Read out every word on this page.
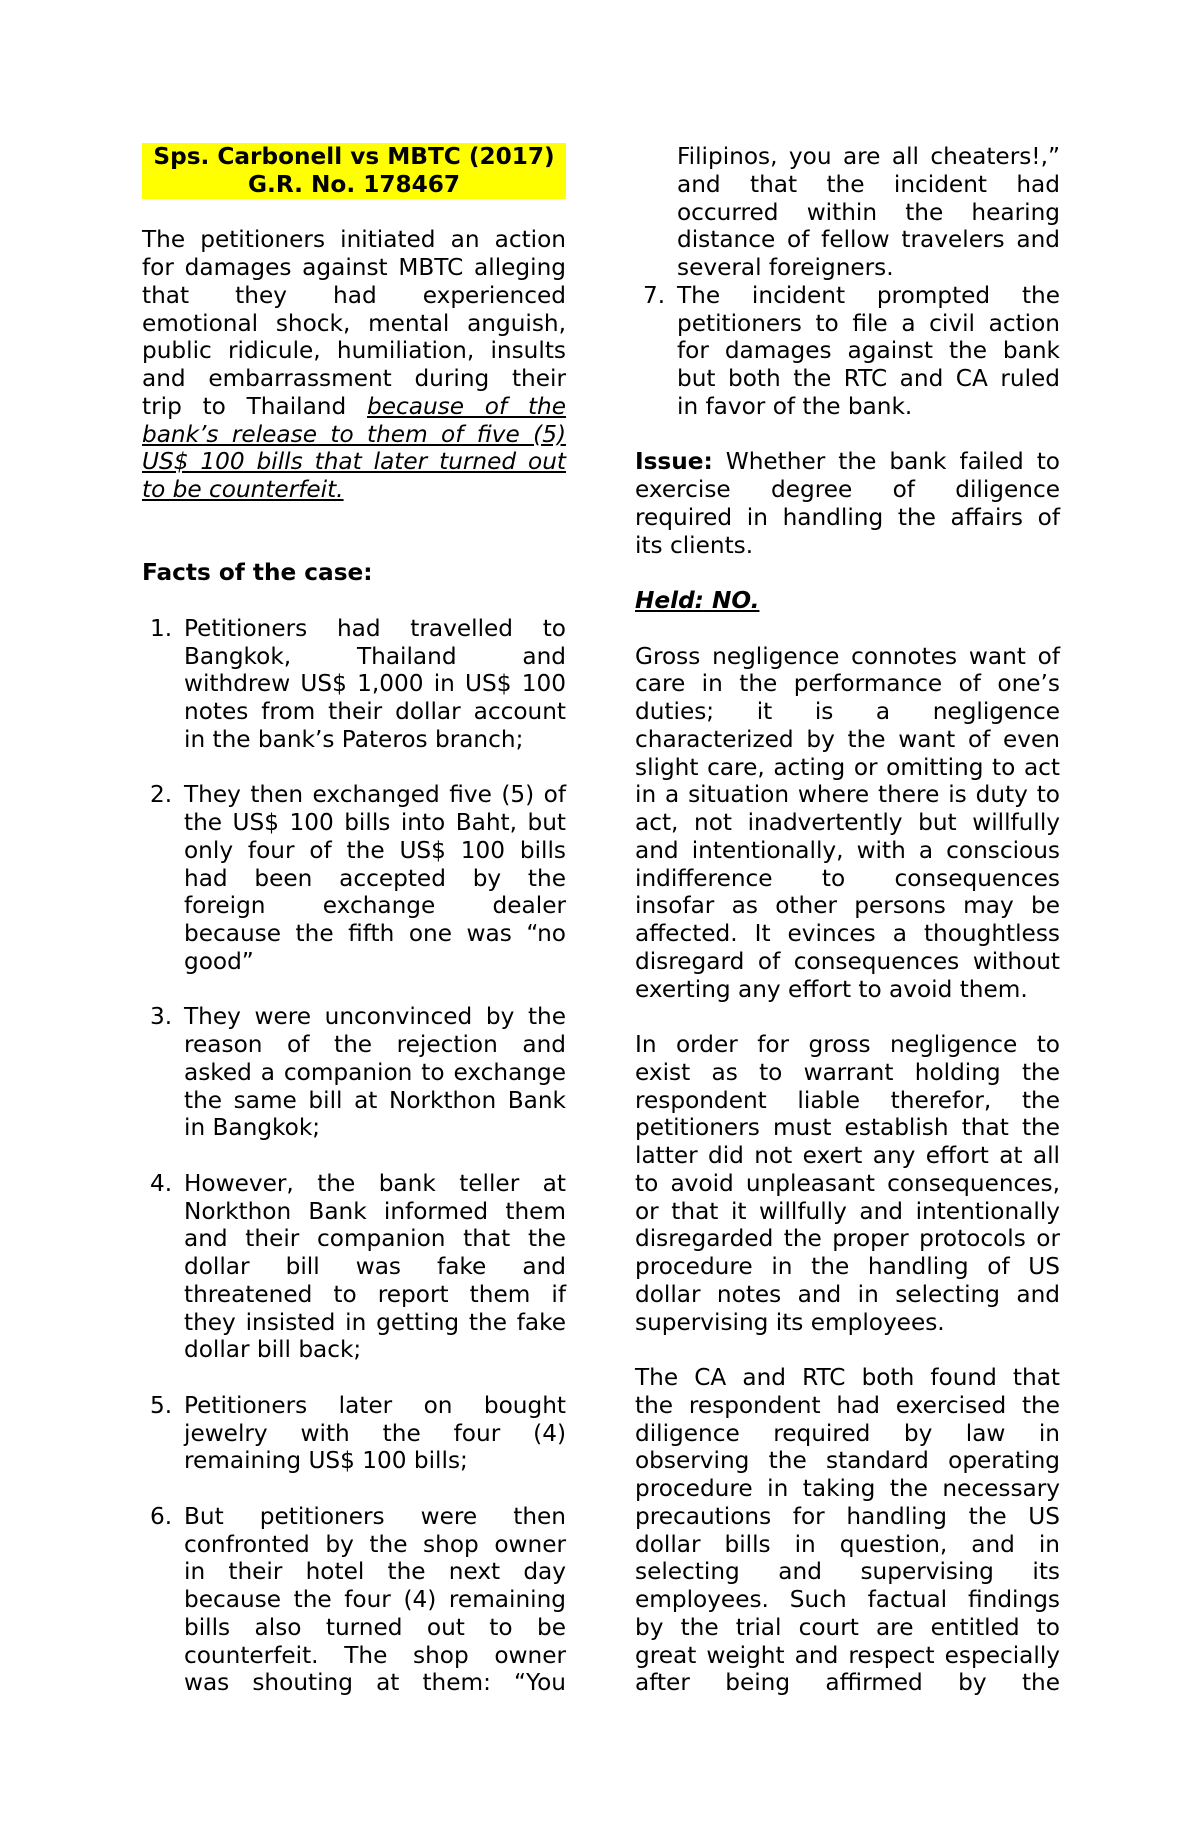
Sps. Carbonell vs MBTC (2017)
G.R. No. 178467
The petitioners initiated an action
for damages against MBTC alleging
that they had experienced
emotional shock, mental anguish,
public ridicule, humiliation, insults
and embarrassment during their
trip to Thailand because of the
bank’s release to them of five (5)
US$ 100 bills that later turned out
to be counterfeit.
Facts of the case:
1. Petitioners had travelled to
Bangkok, Thailand and
withdrew US$ 1,000 in US$ 100
notes from their dollar account
in the bank’s Pateros branch;
2. They then exchanged five (5) of
the US$ 100 bills into Baht, but
only four of the US$ 100 bills
had been accepted by the
foreign exchange dealer
because the fifth one was “no
good”
3. They were unconvinced by the
reason of the rejection and
asked a companion to exchange
the same bill at Norkthon Bank
in Bangkok;
4. However, the bank teller at
Norkthon Bank informed them
and their companion that the
dollar bill was fake and
threatened to report them if
they insisted in getting the fake
dollar bill back;
5. Petitioners later on bought
jewelry with the four (4)
remaining US$ 100 bills;
6. But petitioners were then
confronted by the shop owner
in their hotel the next day
because the four (4) remaining
bills also turned out to be
counterfeit. The shop owner
was shouting at them: “You
Filipinos, you are all cheaters!,”
and that the incident had
occurred within the hearing
distance of fellow travelers and
several foreigners.
7. The incident prompted the
petitioners to file a civil action
for damages against the bank
but both the RTC and CA ruled
in favor of the bank.
Issue: Whether the bank failed to
exercise degree of diligence
required in handling the affairs of
its clients.
Held: NO.
Gross negligence connotes want of
care in the performance of one’s
duties; it is a negligence
characterized by the want of even
slight care, acting or omitting to act
in a situation where there is duty to
act, not inadvertently but willfully
and intentionally, with a conscious
indifference to consequences
insofar as other persons may be
affected. It evinces a thoughtless
disregard of consequences without
exerting any effort to avoid them.
In order for gross negligence to
exist as to warrant holding the
respondent liable therefor, the
petitioners must establish that the
latter did not exert any effort at all
to avoid unpleasant consequences,
or that it willfully and intentionally
disregarded the proper protocols or
procedure in the handling of US
dollar notes and in selecting and
supervising its employees.
The CA and RTC both found that
the respondent had exercised the
diligence required by law in
observing the standard operating
procedure in taking the necessary
precautions for handling the US
dollar bills in question, and in
selecting and supervising its
employees. Such factual findings
by the trial court are entitled to
great weight and respect especially
after being affirmed by the
